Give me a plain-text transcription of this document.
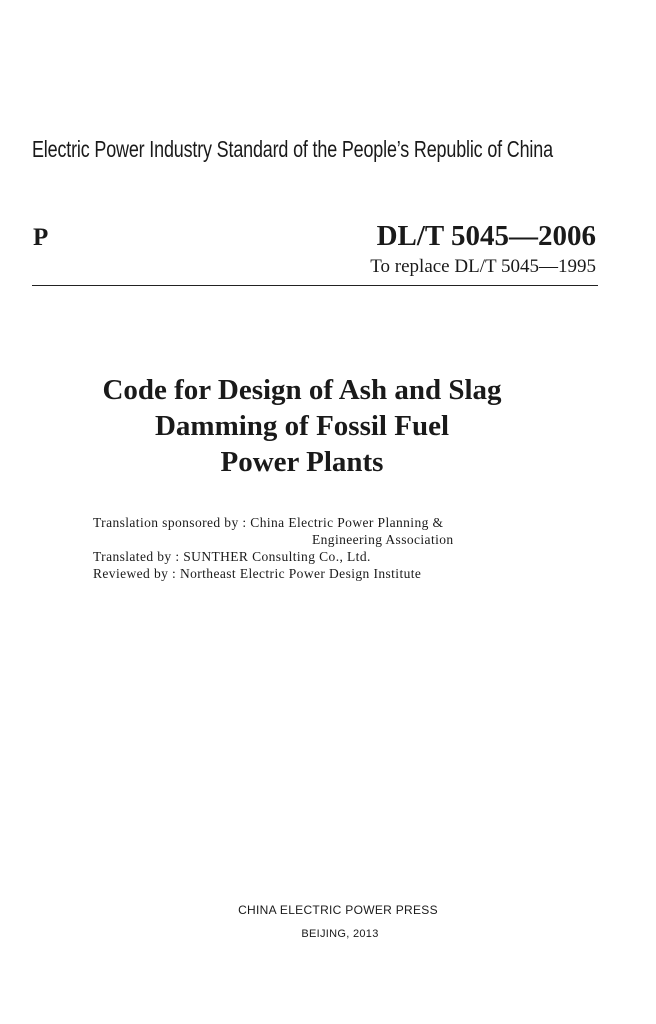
Electric Power Industry Standard of the People’s Republic of China
P	DL/T 5045—2006
To replace DL/T 5045—1995
Code for Design of Ash and Slag
Damming of Fossil Fuel
Power Plants
Translation sponsored by : China Electric Power Planning &
Engineering Association
Translated by : SUNTHER Consulting Co., Ltd.
Reviewed by : Northeast Electric Power Design Institute
CHINA ELECTRIC POWER PRESS
BEIJING, 2013
